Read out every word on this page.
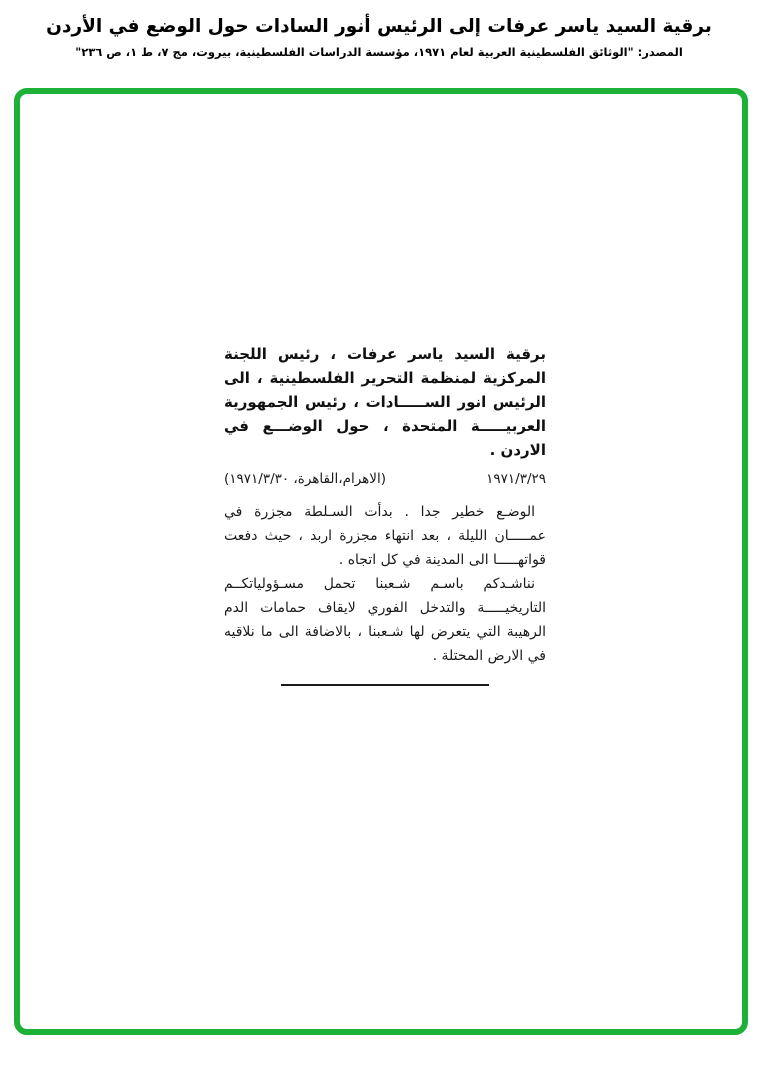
برقية السيد ياسر عرفات إلى الرئيس أنور السادات حول الوضع في الأردن
المصدر: "الوثائق الفلسطينية العربية لعام ١٩٧١، مؤسسة الدراسات الفلسطينية، بيروت، مج ٧، ط ١، ص ٢٣٦"

برقية السيد ياسر عرفات ، رئيس اللجنة المركزية لمنظمة التحرير الفلسطينية ، الى الرئيس انور الســـــادات ، رئيس الجمهورية العربيـــــة المتحدة ، حول الوضـــع في الاردن .

١٩٧١/٣/٢٩
(الاهرام،القاهرة، ١٩٧١/٣/٣٠)

الوضـع خطير جدا . بدأت السـلطة مجزرة في عمـــــان الليلة ، بعد انتهاء مجزرة اربد ، حيث دفعت قواتهـــــا الى المدينة في كل اتجاه .

نناشـدكم باسـم شـعبنا تحمل مسـؤولياتكــم التاريخيـــــة والتدخل الفوري لايقاف حمامات الدم الرهيبة التي يتعرض لها شـعبنا ، بالاضافة الى ما نلاقيه في الارض المحتلة .
